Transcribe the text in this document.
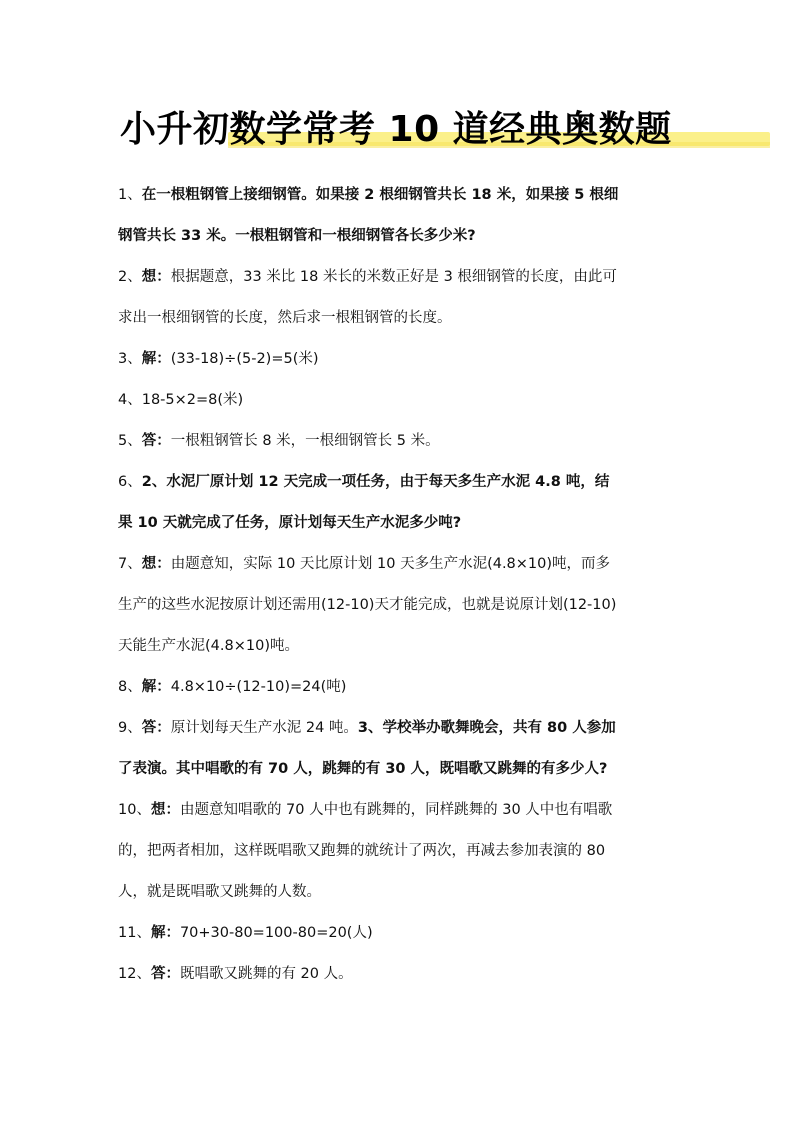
小升初数学常考 10 道经典奥数题
1、在一根粗钢管上接细钢管。如果接 2 根细钢管共长 18 米，如果接 5 根细
钢管共长 33 米。一根粗钢管和一根细钢管各长多少米?
2、想：根据题意，33 米比 18 米长的米数正好是 3 根细钢管的长度，由此可
求出一根细钢管的长度，然后求一根粗钢管的长度。
3、解：(33-18)÷(5-2)=5(米)
4、18-5×2=8(米)
5、答：一根粗钢管长 8 米，一根细钢管长 5 米。
6、2、水泥厂原计划 12 天完成一项任务，由于每天多生产水泥 4.8 吨，结
果 10 天就完成了任务，原计划每天生产水泥多少吨?
7、想：由题意知，实际 10 天比原计划 10 天多生产水泥(4.8×10)吨，而多
生产的这些水泥按原计划还需用(12-10)天才能完成，也就是说原计划(12-10)
天能生产水泥(4.8×10)吨。
8、解：4.8×10÷(12-10)=24(吨)
9、答：原计划每天生产水泥 24 吨。3、学校举办歌舞晚会，共有 80 人参加
了表演。其中唱歌的有 70 人，跳舞的有 30 人，既唱歌又跳舞的有多少人?
10、想：由题意知唱歌的 70 人中也有跳舞的，同样跳舞的 30 人中也有唱歌
的，把两者相加，这样既唱歌又跑舞的就统计了两次，再减去参加表演的 80
人，就是既唱歌又跳舞的人数。
11、解：70+30-80=100-80=20(人)
12、答：既唱歌又跳舞的有 20 人。
